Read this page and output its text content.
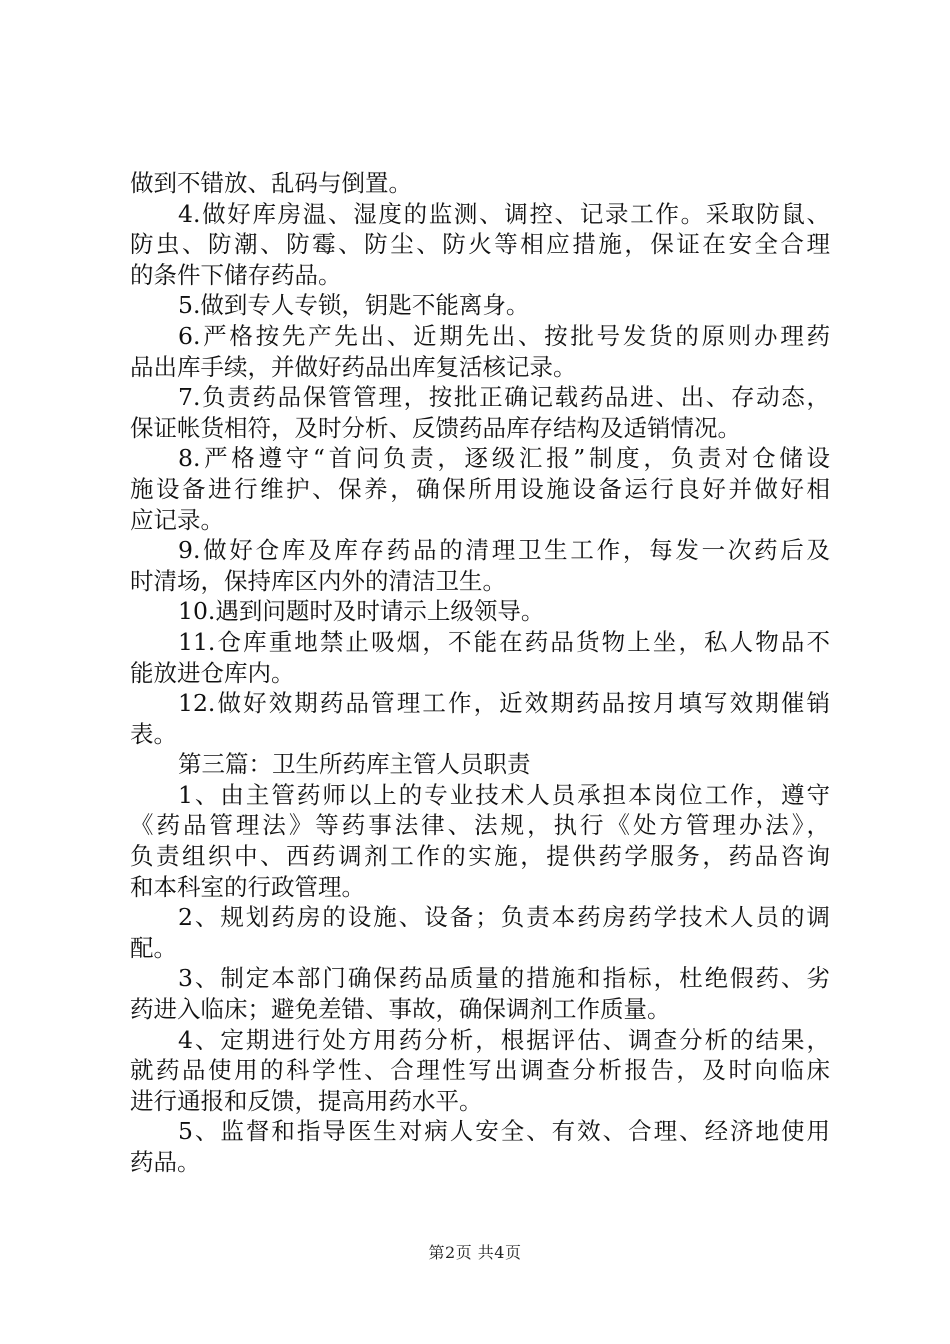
做到不错放、乱码与倒置。
4.做好库房温、湿度的监测、调控、记录工作。采取防鼠、
防虫、防潮、防霉、防尘、防火等相应措施，保证在安全合理
的条件下储存药品。
5.做到专人专锁，钥匙不能离身。
6.严格按先产先出、近期先出、按批号发货的原则办理药
品出库手续，并做好药品出库复活核记录。
7.负责药品保管管理，按批正确记载药品进、出、存动态，
保证帐货相符，及时分析、反馈药品库存结构及适销情况。
8.严格遵守“首问负责，逐级汇报”制度，负责对仓储设
施设备进行维护、保养，确保所用设施设备运行良好并做好相
应记录。
9.做好仓库及库存药品的清理卫生工作，每发一次药后及
时清场，保持库区内外的清洁卫生。
10.遇到问题时及时请示上级领导。
11.仓库重地禁止吸烟，不能在药品货物上坐，私人物品不
能放进仓库内。
12.做好效期药品管理工作，近效期药品按月填写效期催销
表。
第三篇：卫生所药库主管人员职责
1、由主管药师以上的专业技术人员承担本岗位工作，遵守
《药品管理法》等药事法律、法规，执行《处方管理办法》，
负责组织中、西药调剂工作的实施，提供药学服务，药品咨询
和本科室的行政管理。
2、规划药房的设施、设备；负责本药房药学技术人员的调
配。
3、制定本部门确保药品质量的措施和指标，杜绝假药、劣
药进入临床；避免差错、事故，确保调剂工作质量。
4、定期进行处方用药分析，根据评估、调查分析的结果，
就药品使用的科学性、合理性写出调查分析报告，及时向临床
进行通报和反馈，提高用药水平。
5、监督和指导医生对病人安全、有效、合理、经济地使用
药品。
第2页 共4页
